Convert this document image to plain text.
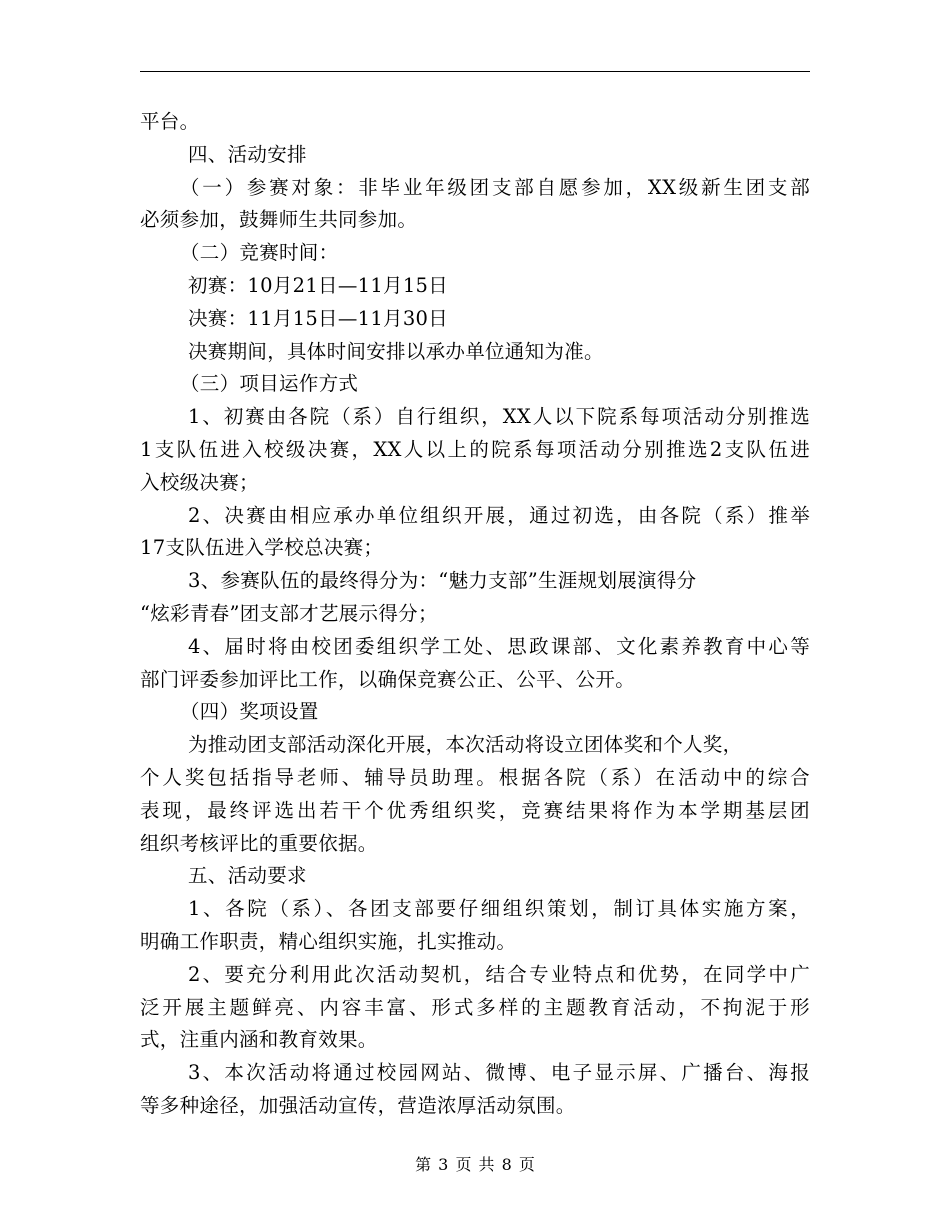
平台。
四、活动安排
（一）参赛对象：非毕业年级团支部自愿参加，XX级新生团支部
必须参加，鼓舞师生共同参加。
（二）竞赛时间：
初赛：10月21日—11月15日
决赛：11月15日—11月30日
决赛期间，具体时间安排以承办单位通知为准。
（三）项目运作方式
1、初赛由各院（系）自行组织，XX人以下院系每项活动分别推选
1支队伍进入校级决赛，XX人以上的院系每项活动分别推选2支队伍进
入校级决赛；
2、决赛由相应承办单位组织开展，通过初选，由各院（系）推举
17支队伍进入学校总决赛；
3、参赛队伍的最终得分为：“魅力支部”生涯规划展演得分
“炫彩青春”团支部才艺展示得分；
4、届时将由校团委组织学工处、思政课部、文化素养教育中心等
部门评委参加评比工作，以确保竞赛公正、公平、公开。
（四）奖项设置
为推动团支部活动深化开展，本次活动将设立团体奖和个人奖，
个人奖包括指导老师、辅导员助理。根据各院（系）在活动中的综合
表现，最终评选出若干个优秀组织奖，竞赛结果将作为本学期基层团
组织考核评比的重要依据。
五、活动要求
1、各院（系）、各团支部要仔细组织策划，制订具体实施方案，
明确工作职责，精心组织实施，扎实推动。
2、要充分利用此次活动契机，结合专业特点和优势，在同学中广
泛开展主题鲜亮、内容丰富、形式多样的主题教育活动，不拘泥于形
式，注重内涵和教育效果。
3、本次活动将通过校园网站、微博、电子显示屏、广播台、海报
等多种途径，加强活动宣传，营造浓厚活动氛围。
第 3 页 共 8 页
